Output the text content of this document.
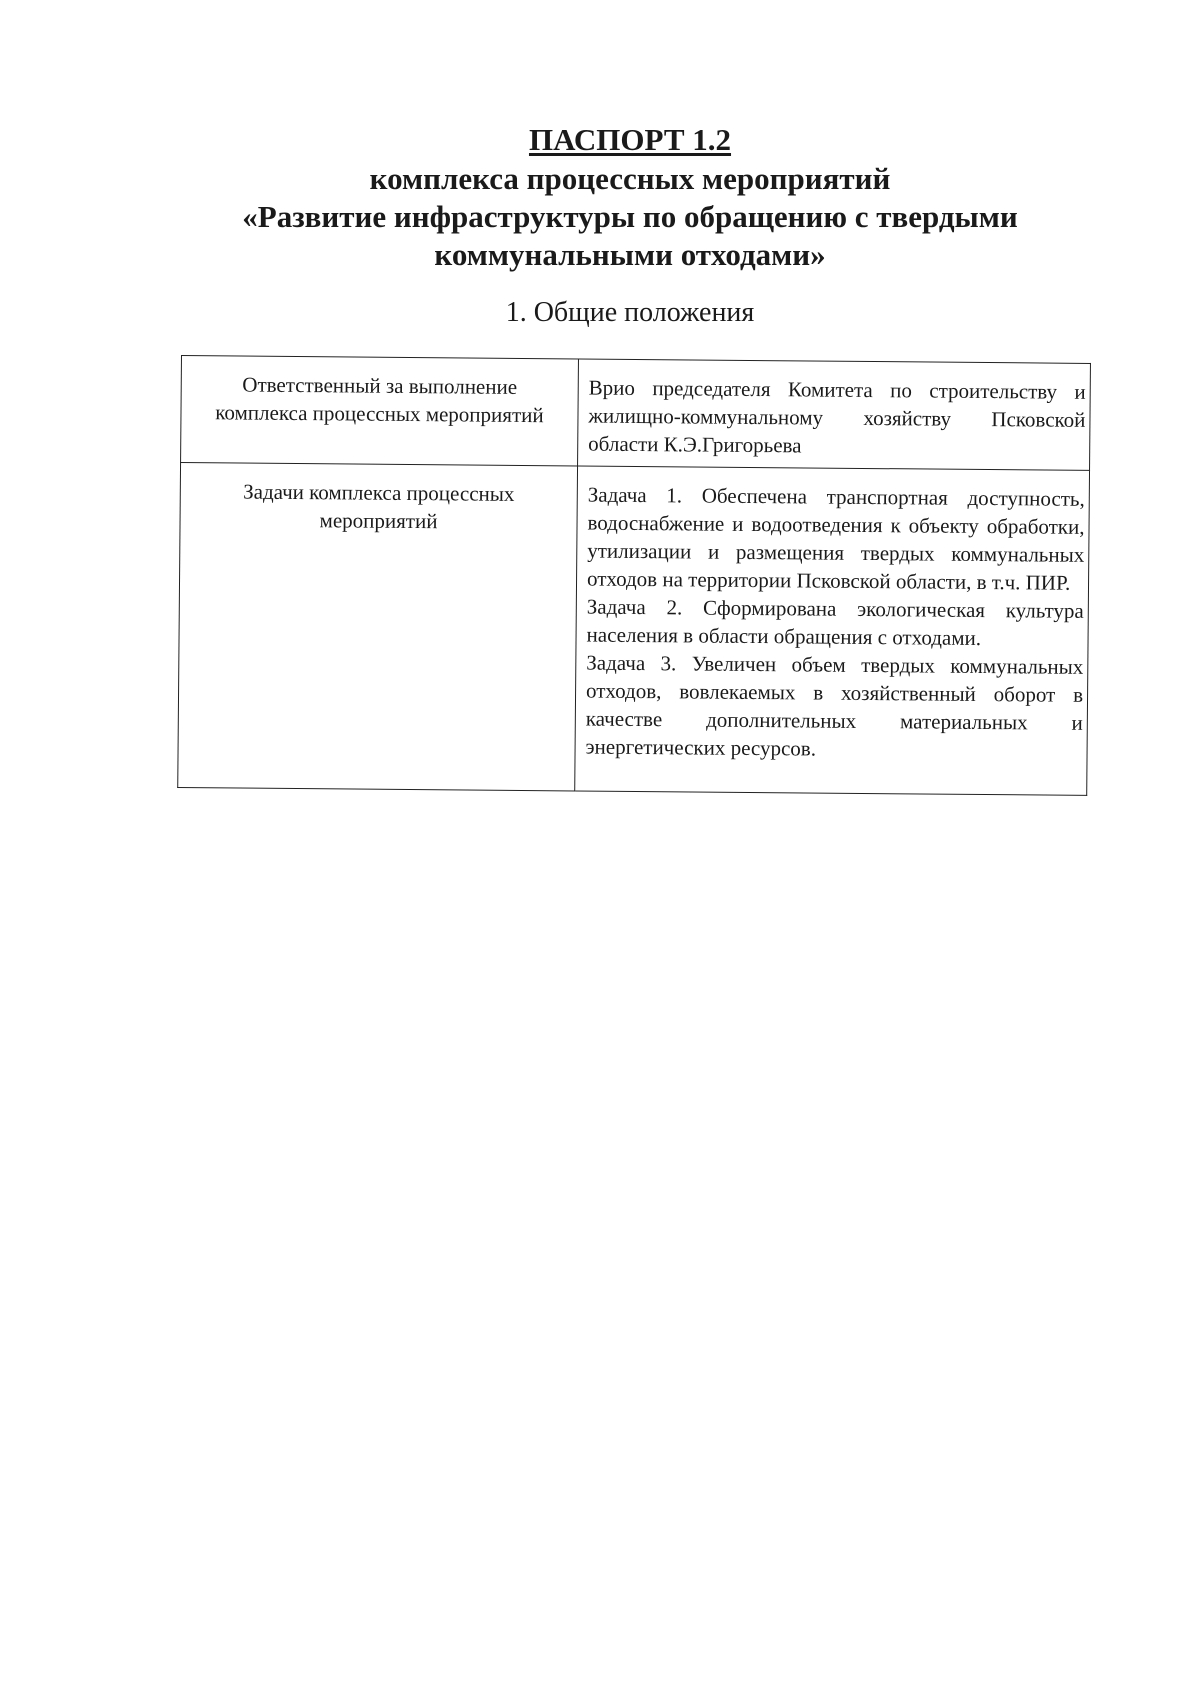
ПАСПОРТ 1.2
комплекса процессных мероприятий
«Развитие инфраструктуры по обращению с твердыми
коммунальными отходами»
1. Общие положения
Ответственный за выполнение комплекса процессных мероприятий	Врио председателя Комитета по строительству и жилищно-коммунальному хозяйству Псковской области К.Э.Григорьева
Задачи комплекса процессных мероприятий	Задача 1. Обеспечена транспортная доступность, водоснабжение и водоотведения к объекту обработки, утилизации и размещения твердых коммунальных отходов на территории Псковской области, в т.ч. ПИР.
Задача 2. Сформирована экологическая культура населения в области обращения с отходами.
Задача 3. Увеличен объем твердых коммунальных отходов, вовлекаемых в хозяйственный оборот в качестве дополнительных материальных и энергетических ресурсов.
